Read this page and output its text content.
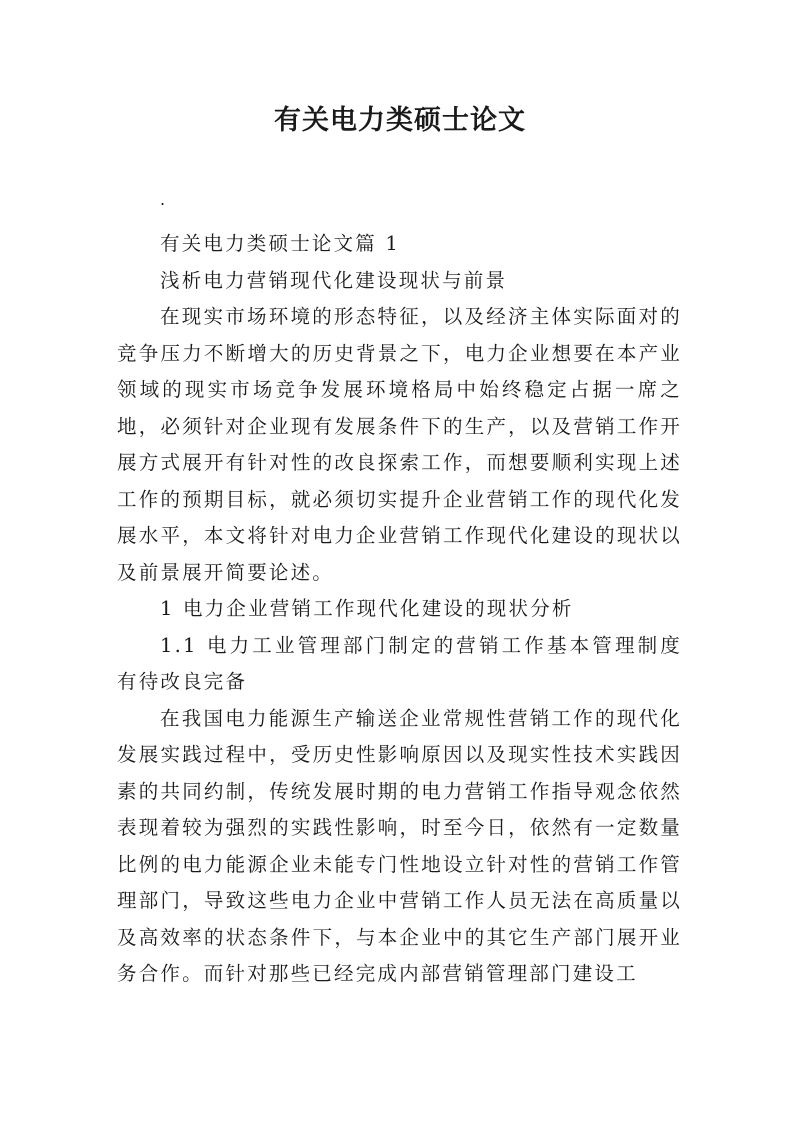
有关电力类硕士论文
.

有关电力类硕士论文篇 1

浅析电力营销现代化建设现状与前景

在现实市场环境的形态特征，以及经济主体实际面对的竞争压力不断增大的历史背景之下，电力企业想要在本产业领域的现实市场竞争发展环境格局中始终稳定占据一席之地，必须针对企业现有发展条件下的生产，以及营销工作开展方式展开有针对性的改良探索工作，而想要顺利实现上述工作的预期目标，就必须切实提升企业营销工作的现代化发展水平，本文将针对电力企业营销工作现代化建设的现状以及前景展开简要论述。

1 电力企业营销工作现代化建设的现状分析

1.1 电力工业管理部门制定的营销工作基本管理制度有待改良完备

在我国电力能源生产输送企业常规性营销工作的现代化发展实践过程中，受历史性影响原因以及现实性技术实践因素的共同约制，传统发展时期的电力营销工作指导观念依然表现着较为强烈的实践性影响，时至今日，依然有一定数量比例的电力能源企业未能专门性地设立针对性的营销工作管理部门，导致这些电力企业中营销工作人员无法在高质量以及高效率的状态条件下，与本企业中的其它生产部门展开业务合作。而针对那些已经完成内部营销管理部门建设工
